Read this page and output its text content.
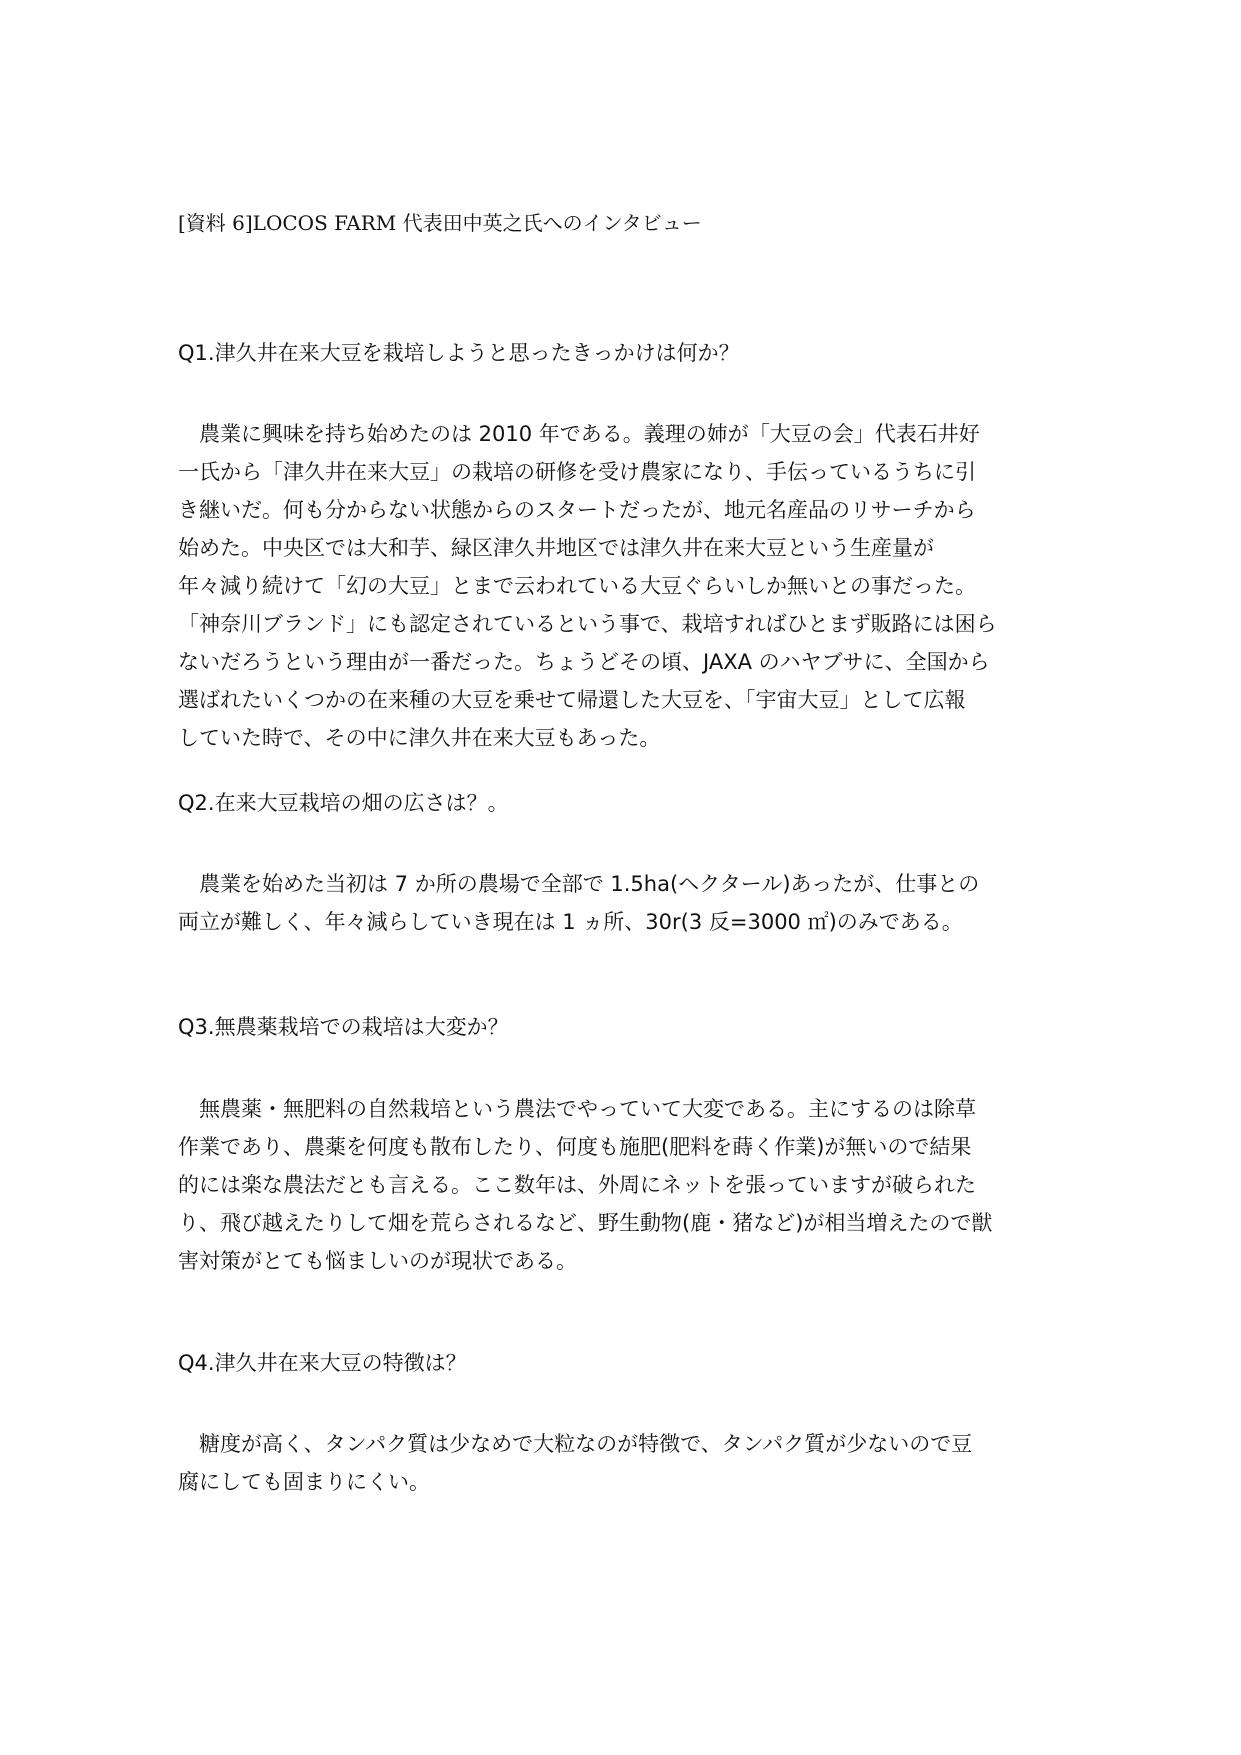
[資料 6]LOCOS FARM 代表田中英之氏へのインタビュー
Q1.津久井在来大豆を栽培しようと思ったきっかけは何か？
　農業に興味を持ち始めたのは 2010 年である。義理の姉が「大豆の会」代表石井好
一氏から「津久井在来大豆」の栽培の研修を受け農家になり、手伝っているうちに引
き継いだ。何も分からない状態からのスタートだったが、地元名産品のリサーチから
始めた。中央区では大和芋、緑区津久井地区では津久井在来大豆という生産量が
年々減り続けて「幻の大豆」とまで云われている大豆ぐらいしか無いとの事だった。
「神奈川ブランド」にも認定されているという事で、栽培すればひとまず販路には困ら
ないだろうという理由が一番だった。ちょうどその頃、JAXA のハヤブサに、全国から
選ばれたいくつかの在来種の大豆を乗せて帰還した大豆を、「宇宙大豆」として広報
していた時で、その中に津久井在来大豆もあった。
Q2.在来大豆栽培の畑の広さは？。
　農業を始めた当初は 7 か所の農場で全部で 1.5ha(ヘクタール)あったが、仕事との
両立が難しく、年々減らしていき現在は 1 ヵ所、30r(3 反=3000 ㎡)のみである。
Q3.無農薬栽培での栽培は大変か？
　無農薬・無肥料の自然栽培という農法でやっていて大変である。主にするのは除草
作業であり、農薬を何度も散布したり、何度も施肥(肥料を蒔く作業)が無いので結果
的には楽な農法だとも言える。ここ数年は、外周にネットを張っていますが破られた
り、飛び越えたりして畑を荒らされるなど、野生動物(鹿・猪など)が相当増えたので獣
害対策がとても悩ましいのが現状である。
Q4.津久井在来大豆の特徴は？
　糖度が高く、タンパク質は少なめで大粒なのが特徴で、タンパク質が少ないので豆
腐にしても固まりにくい。
